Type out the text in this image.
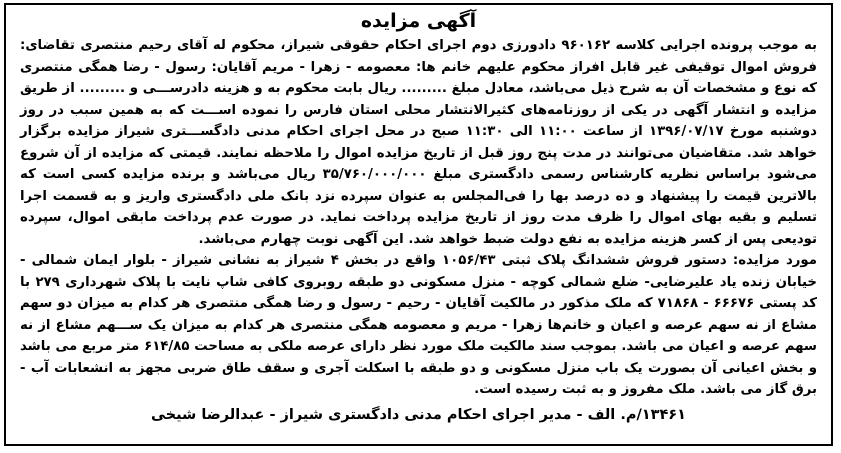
آگهی مزایده

به موجب پرونده اجرایی کلاسه ۹۶۰۱۶۲ دادورزی دوم اجرای احکام حقوقی شیراز، محکوم له آقای رحیم منتصری تقاضای: فروش اموال توقیفی غیر قابل افراز محکوم علیهم خانم ها: معصومه - زهرا - مریم آقایان: رسول - رضا همگی منتصری که نوع و مشخصات آن به شرح ذیل می‌باشد، معادل مبلغ ......... ریال بابت محکوم به و هزینه دادرســـی و ......... از طریق مزایده و انتشار آگهی در یکی از روزنامه‌های کثیرالانتشار محلی استان فارس را نموده اســـت که به همین سبب در روز دوشنبه مورخ ۱۳۹۶/۰۷/۱۷ از ساعت ۱۱:۰۰ الی ۱۱:۳۰ صبح در محل اجرای احکام مدنی دادگســـتری شیراز مزایده برگزار خواهد شد. متقاضیان می‌توانند در مدت پنج روز قبل از تاریخ مزایده اموال را ملاحظه نمایند. قیمتی که مزایده از آن شروع می‌شود براساس نظریه کارشناس رسمی دادگستری مبلغ ۳۵/۷۶۰/۰۰۰/۰۰۰ ریال می‌باشد و برنده مزایده کسی است که بالاترین قیمت را پیشنهاد و ده درصد بها را فی‌المجلس به عنوان سپرده نزد بانک ملی دادگستری واریز و به قسمت اجرا تسلیم و بقیه بهای اموال را ظرف مدت روز از تاریخ مزایده پرداخت نماید. در صورت عدم پرداخت مابقی اموال، سپرده تودیعی پس از کسر هزینه مزایده به نفع دولت ضبط خواهد شد. این آگهی نوبت چهارم می‌باشد.

مورد مزایده: دستور فروش ششدانگ پلاک ثبتی ۱۰۵۶/۴۳ واقع در بخش ۴ شیراز به نشانی شیراز - بلوار ایمان شمالی - خیابان زنده یاد علیرضایی- ضلع شمالی کوچه - منزل مسکونی دو طبقه روبروی کافی شاپ نایت با پلاک شهرداری ۲۷۹ با کد پستی ۶۶۶۷۶ - ۷۱۸۶۸ که ملک مذکور در مالکیت آقایان - رحیم - رسول و رضا همگی منتصری هر کدام به میزان دو سهم مشاع از نه سهم عرصه و اعیان و خانم‌ها زهرا - مریم و معصومه همگی منتصری هر کدام به میزان یک ســـهم مشاع از نه سهم عرصه و اعیان می باشد. بموجب سند مالکیت ملک مورد نظر دارای عرصه ملکی به مساحت ۶۱۴/۸۵ متر مربع می باشد و بخش اعیانی آن بصورت یک باب منزل مسکونی و دو طبقه با اسکلت آجری و سقف طاق ضربی مجهز به انشعابات آب - برق گاز می باشد. ملک مفروز و به ثبت رسیده است.

۱۳۴۶۱/م. الف - مدیر اجرای احکام مدنی دادگستری شیراز - عبدالرضا شیخی
